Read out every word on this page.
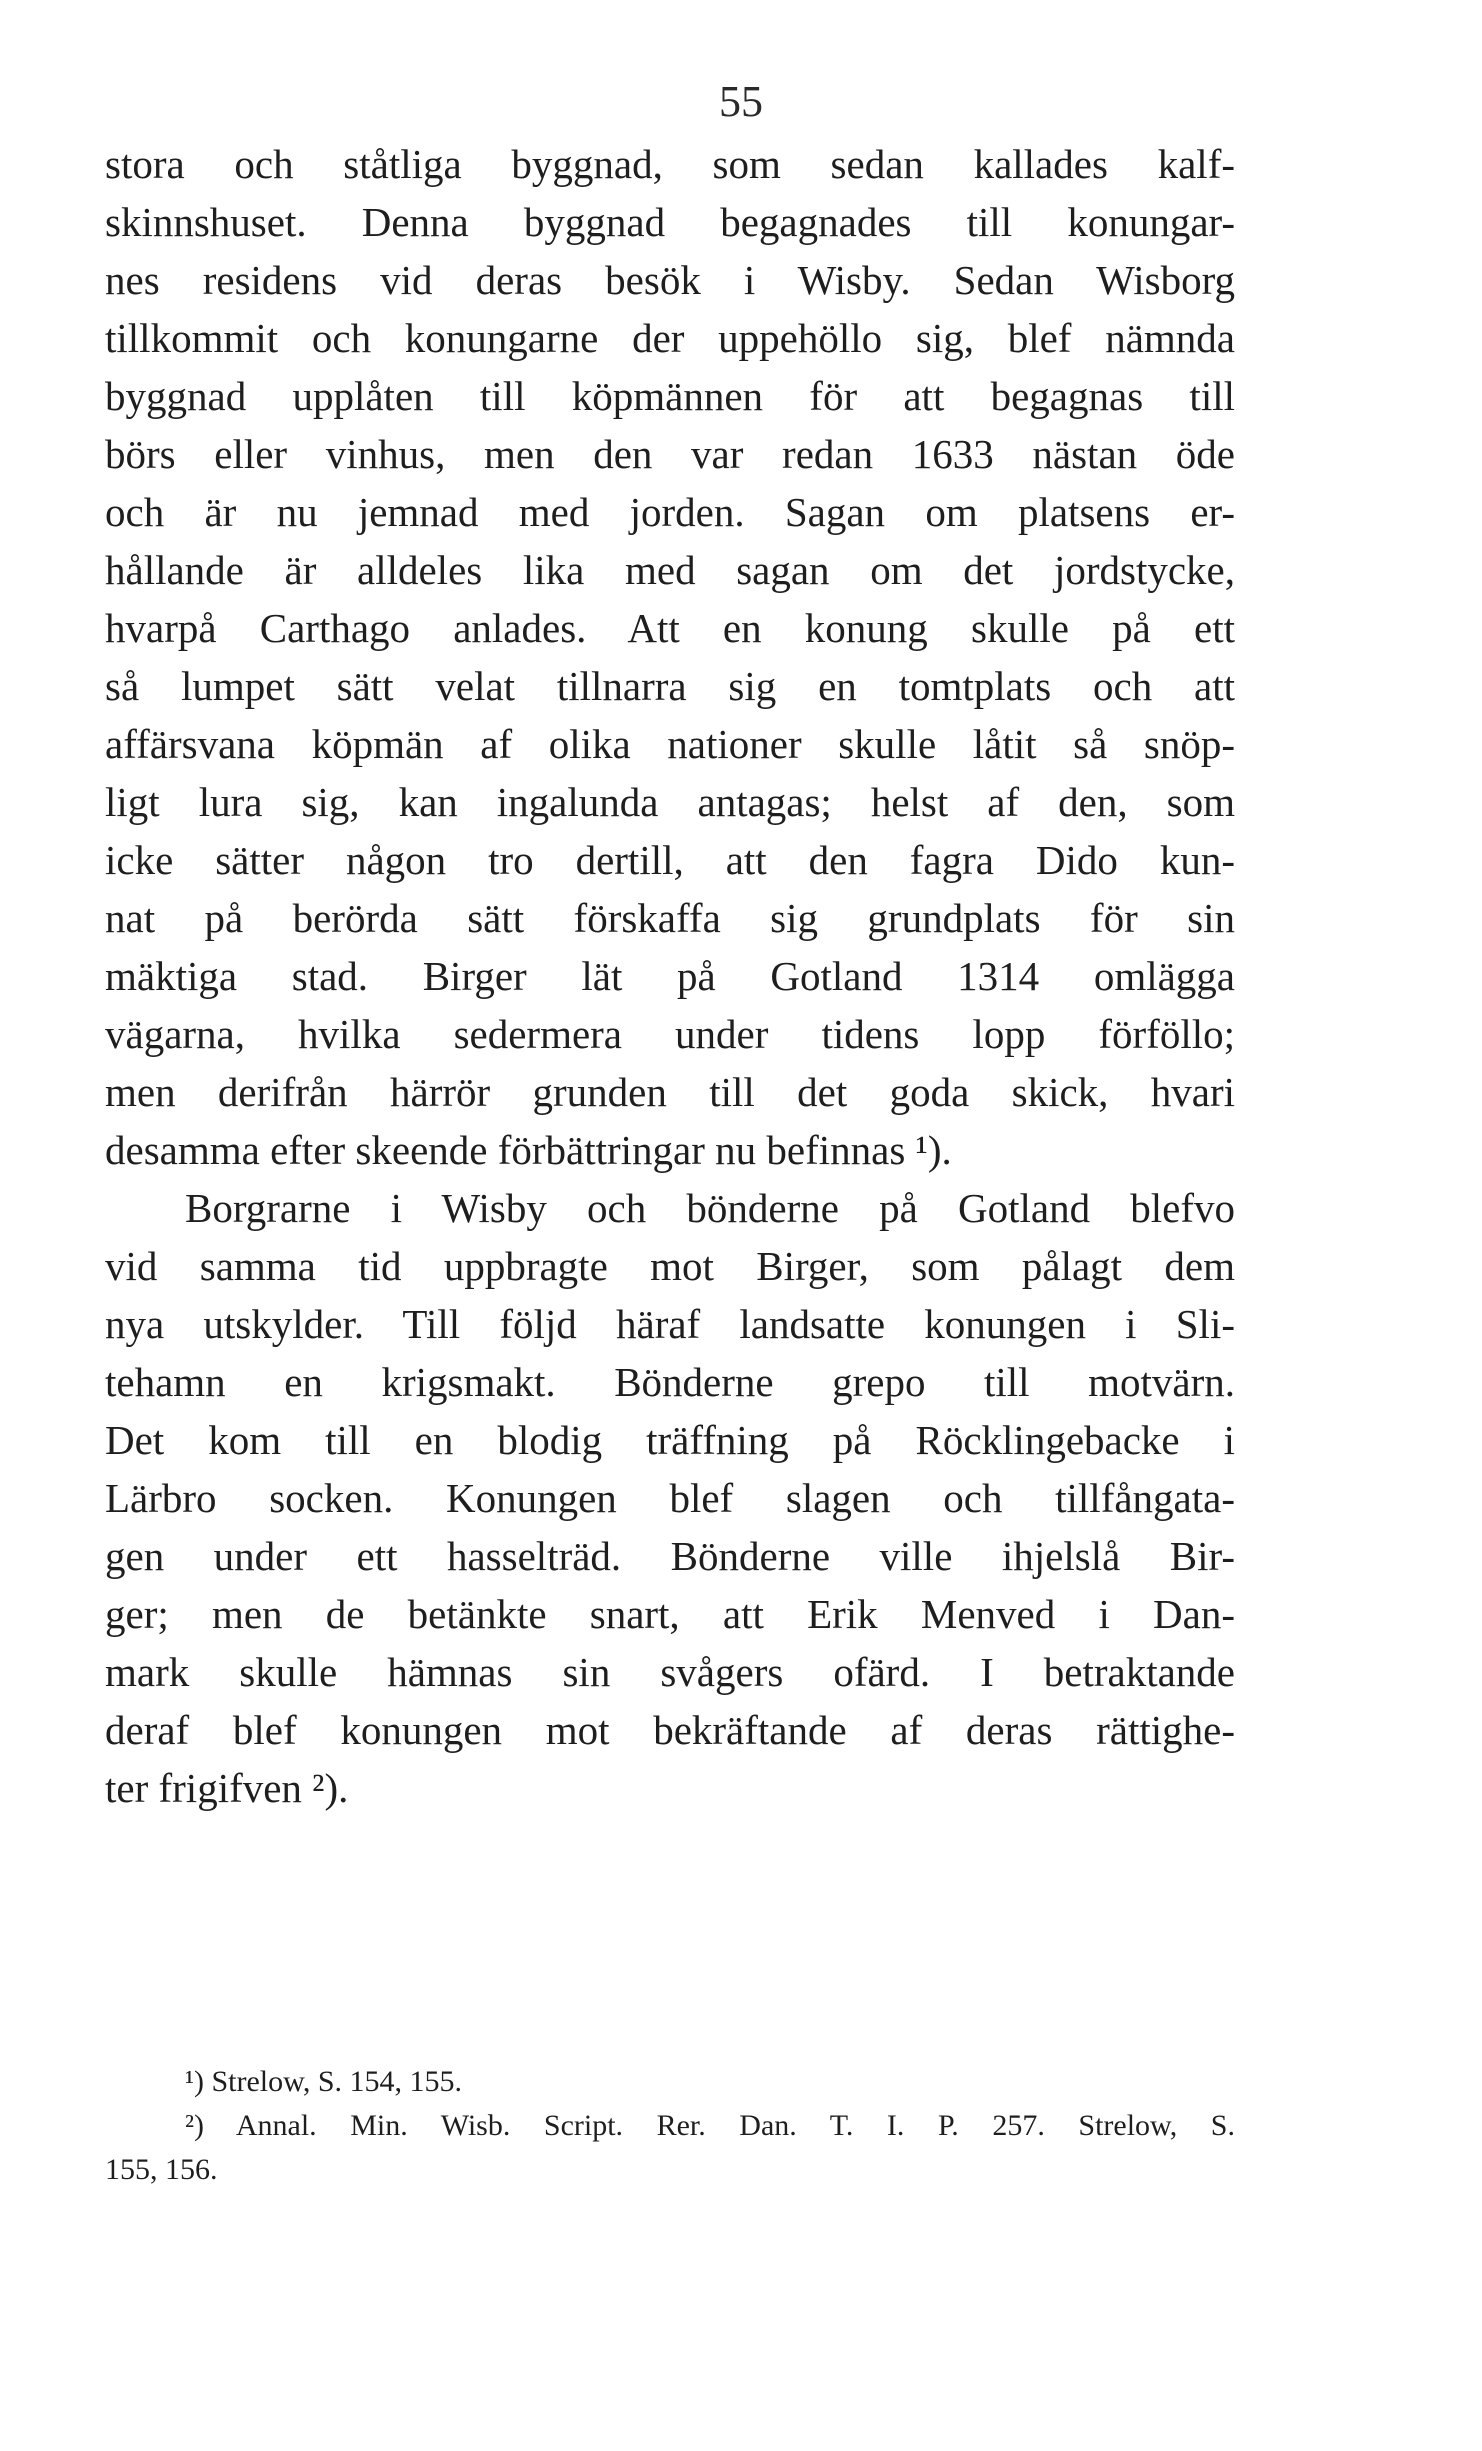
55
stora och ståtliga byggnad, som sedan kallades kalf-
skinnshuset. Denna byggnad begagnades till konungar-
nes residens vid deras besök i Wisby. Sedan Wisborg
tillkommit och konungarne der uppehöllo sig, blef nämnda
byggnad upplåten till köpmännen för att begagnas till
börs eller vinhus, men den var redan 1633 nästan öde
och är nu jemnad med jorden. Sagan om platsens er-
hållande är alldeles lika med sagan om det jordstycke,
hvarpå Carthago anlades. Att en konung skulle på ett
så lumpet sätt velat tillnarra sig en tomtplats och att
affärsvana köpmän af olika nationer skulle låtit så snöp-
ligt lura sig, kan ingalunda antagas; helst af den, som
icke sätter någon tro dertill, att den fagra Dido kun-
nat på berörda sätt förskaffa sig grundplats för sin
mäktiga stad. Birger lät på Gotland 1314 omlägga
vägarna, hvilka sedermera under tidens lopp förföllo;
men derifrån härrör grunden till det goda skick, hvari
desamma efter skeende förbättringar nu befinnas ¹).
Borgrarne i Wisby och bönderne på Gotland blefvo
vid samma tid uppbragte mot Birger, som pålagt dem
nya utskylder. Till följd häraf landsatte konungen i Sli-
tehamn en krigsmakt. Bönderne grepo till motvärn.
Det kom till en blodig träffning på Röcklingebacke i
Lärbro socken. Konungen blef slagen och tillfångata-
gen under ett hasselträd. Bönderne ville ihjelslå Bir-
ger; men de betänkte snart, att Erik Menved i Dan-
mark skulle hämnas sin svågers ofärd. I betraktande
deraf blef konungen mot bekräftande af deras rättighe-
ter frigifven ²).
¹) Strelow, S. 154, 155.
²) Annal. Min. Wisb. Script. Rer. Dan. T. I. P. 257. Strelow, S.
155, 156.
